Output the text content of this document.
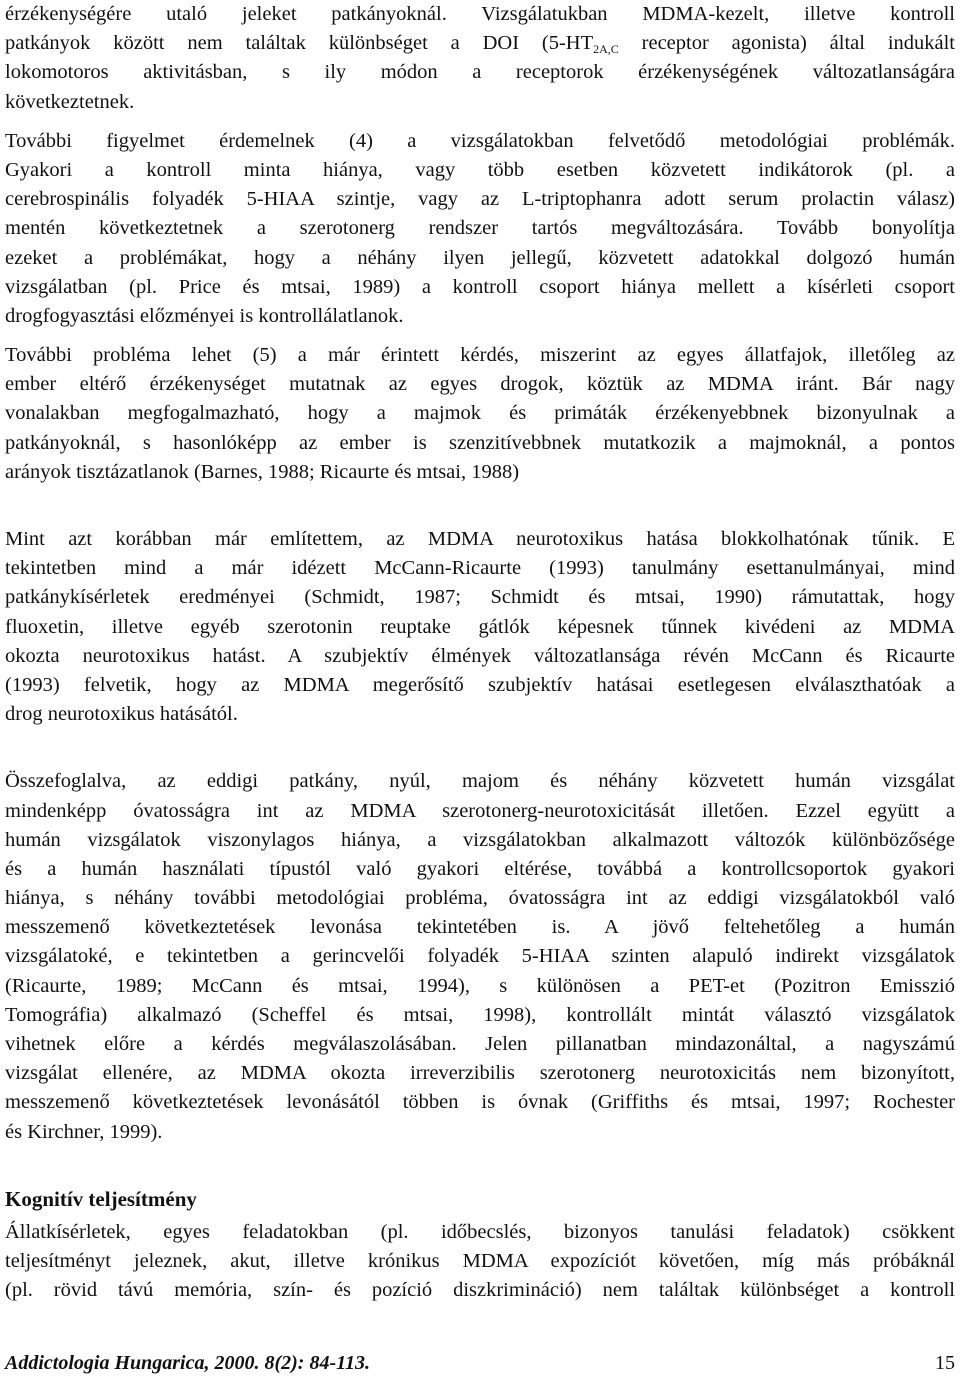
érzékenységére utaló jeleket patkányoknál. Vizsgálatukban MDMA-kezelt, illetve kontroll
patkányok között nem találtak különbséget a DOI ($5-HT_{2A,C}$ receptor agonista) által indukált
lokomotoros aktivitásban, s ily módon a receptorok érzékenységének változatlanságára
következtetnek.
További figyelmet érdemelnek (4) a vizsgálatokban felvetődő metodológiai problémák.
Gyakori a kontroll minta hiánya, vagy több esetben közvetett indikátorok (pl. a
cerebrospinális folyadék 5-HIAA szintje, vagy az L-triptophanra adott serum prolactin válasz)
mentén következtetnek a szerotonerg rendszer tartós megváltozására. Tovább bonyolítja
ezeket a problémákat, hogy a néhány ilyen jellegű, közvetett adatokkal dolgozó humán
vizsgálatban (pl. Price és mtsai, 1989) a kontroll csoport hiánya mellett a kísérleti csoport
drogfogyasztási előzményei is kontrollálatlanok.
További probléma lehet (5) a már érintett kérdés, miszerint az egyes állatfajok, illetőleg az
ember eltérő érzékenységet mutatnak az egyes drogok, köztük az MDMA iránt. Bár nagy
vonalakban megfogalmazható, hogy a majmok és primáták érzékenyebbnek bizonyulnak a
patkányoknál, s hasonlóképp az ember is szenzitívebbnek mutatkozik a majmoknál, a pontos
arányok tisztázatlanok (Barnes, 1988; Ricaurte és mtsai, 1988)
Mint azt korábban már említettem, az MDMA neurotoxikus hatása blokkolhatónak tűnik. E
tekintetben mind a már idézett McCann-Ricaurte (1993) tanulmány esettanulmányai, mind
patkánykísérletek eredményei (Schmidt, 1987; Schmidt és mtsai, 1990) rámutattak, hogy
fluoxetin, illetve egyéb szerotonin reuptake gátlók képesnek tűnnek kivédeni az MDMA
okozta neurotoxikus hatást. A szubjektív élmények változatlansága révén McCann és Ricaurte
(1993) felvetik, hogy az MDMA megerősítő szubjektív hatásai esetlegesen elválaszthatóak a
drog neurotoxikus hatásától.
Összefoglalva, az eddigi patkány, nyúl, majom és néhány közvetett humán vizsgálat
mindenképp óvatosságra int az MDMA szerotonerg-neurotoxicitását illetően. Ezzel együtt a
humán vizsgálatok viszonylagos hiánya, a vizsgálatokban alkalmazott változók különbözősége
és a humán használati típustól való gyakori eltérése, továbbá a kontrollcsoportok gyakori
hiánya, s néhány további metodológiai probléma, óvatosságra int az eddigi vizsgálatokból való
messzemenő következtetések levonása tekintetében is. A jövő feltehetőleg a humán
vizsgálatoké, e tekintetben a gerincvelői folyadék 5-HIAA szinten alapuló indirekt vizsgálatok
(Ricaurte, 1989; McCann és mtsai, 1994), s különösen a PET-et (Pozitron Emisszió
Tomográfia) alkalmazó (Scheffel és mtsai, 1998), kontrollált mintát választó vizsgálatok
vihetnek előre a kérdés megválaszolásában. Jelen pillanatban mindazonáltal, a nagyszámú
vizsgálat ellenére, az MDMA okozta irreverzibilis szerotonerg neurotoxicitás nem bizonyított,
messzemenő következtetések levonásától többen is óvnak (Griffiths és mtsai, 1997; Rochester
és Kirchner, 1999).
Kognitív teljesítmény
Állatkísérletek, egyes feladatokban (pl. időbecslés, bizonyos tanulási feladatok) csökkent
teljesítményt jeleznek, akut, illetve krónikus MDMA expozíciót követően, míg más próbáknál
(pl. rövid távú memória, szín- és pozíció diszkrimináció) nem találtak különbséget a kontroll
Addictologia Hungarica, 2000. 8(2): 84-113.	15
